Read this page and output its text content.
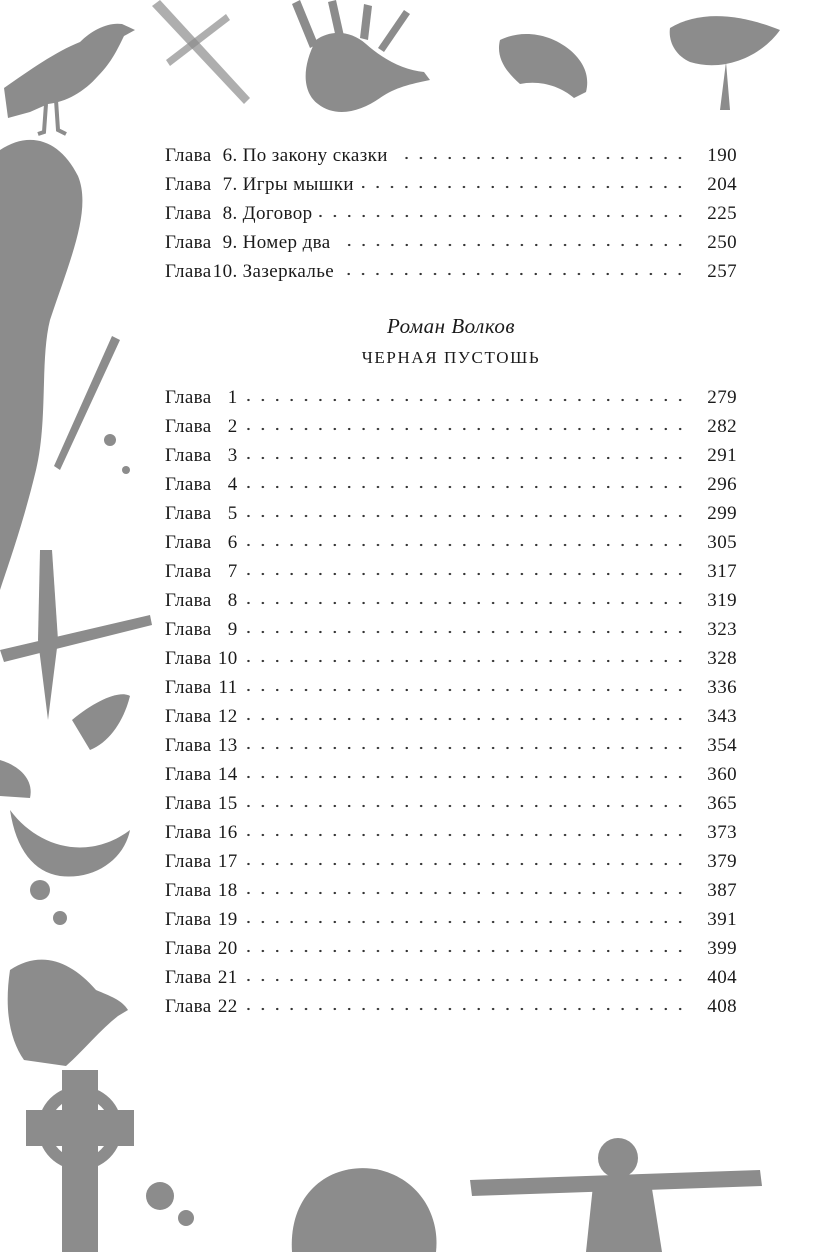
Глава 6. По закону сказки	190
Глава 7. Игры мышки	204
Глава 8. Договор	225
Глава 9. Номер два	250
Глава 10. Зазеркалье	257
Роман Волков
ЧЕРНАЯ ПУСТОШЬ
Глава 1	279
Глава 2	282
Глава 3	291
Глава 4	296
Глава 5	299
Глава 6	305
Глава 7	317
Глава 8	319
Глава 9	323
Глава 10	328
Глава 11	336
Глава 12	343
Глава 13	354
Глава 14	360
Глава 15	365
Глава 16	373
Глава 17	379
Глава 18	387
Глава 19	391
Глава 20	399
Глава 21	404
Глава 22	408
